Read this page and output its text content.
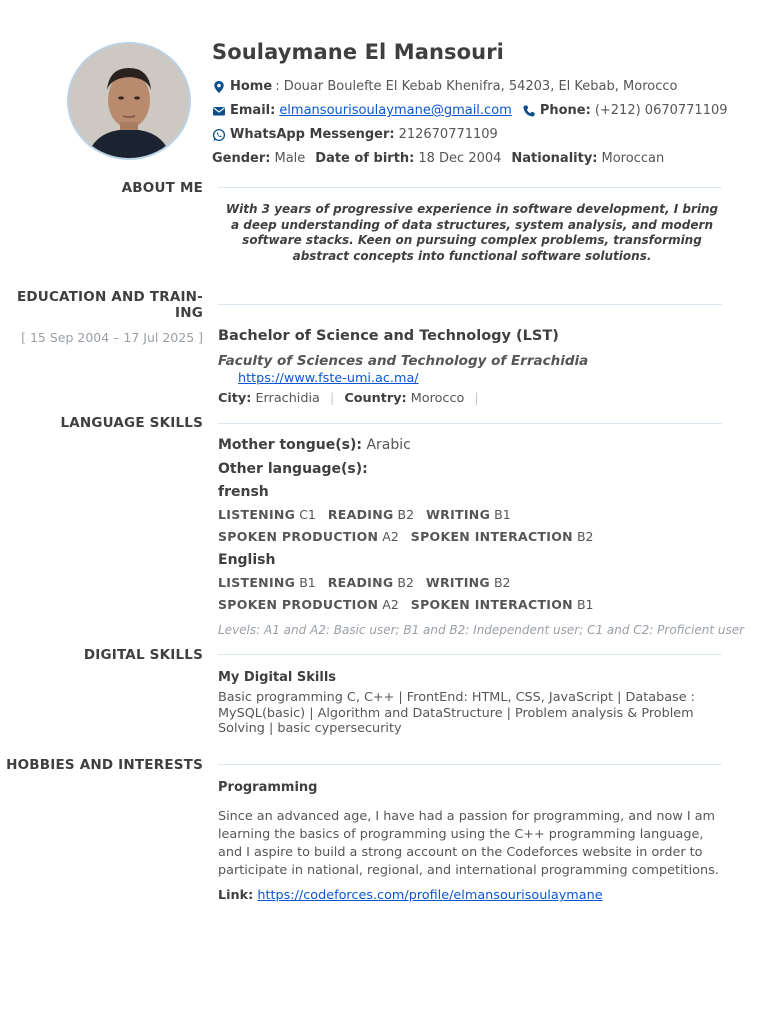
Soulaymane El Mansouri
Home : Douar Boulefte El Kebab Khenifra, 54203, El Kebab, Morocco
Email: elmansourisoulaymane@gmail.com Phone: (+212) 0670771109
WhatsApp Messenger: 212670771109
Gender: Male Date of birth: 18 Dec 2004 Nationality: Moroccan
ABOUT ME
With 3 years of progressive experience in software development, I bring a deep understanding of data structures, system analysis, and modern software stacks. Keen on pursuing complex problems, transforming abstract concepts into functional software solutions.
EDUCATION AND TRAIN-
ING
[ 15 Sep 2004 – 17 Jul 2025 ] Bachelor of Science and Technology (LST)
Faculty of Sciences and Technology of Errachidia https://www.fste-umi.ac.ma/
City: Errachidia | Country: Morocco |
LANGUAGE SKILLS
Mother tongue(s): Arabic
Other language(s):
frensh
LISTENING C1 READING B2 WRITING B1
SPOKEN PRODUCTION A2 SPOKEN INTERACTION B2
English
LISTENING B1 READING B2 WRITING B2
SPOKEN PRODUCTION A2 SPOKEN INTERACTION B1
Levels: A1 and A2: Basic user; B1 and B2: Independent user; C1 and C2: Proficient user
DIGITAL SKILLS
My Digital Skills
Basic programming C, C++ | FrontEnd: HTML, CSS, JavaScript | Database : MySQL(basic) | Algorithm and DataStructure | Problem analysis & Problem Solving | basic cypersecurity
HOBBIES AND INTERESTS
Programming
Since an advanced age, I have had a passion for programming, and now I am learning the basics of programming using the C++ programming language, and I aspire to build a strong account on the Codeforces website in order to participate in national, regional, and international programming competitions.
Link: https://codeforces.com/profile/elmansourisoulaymane
